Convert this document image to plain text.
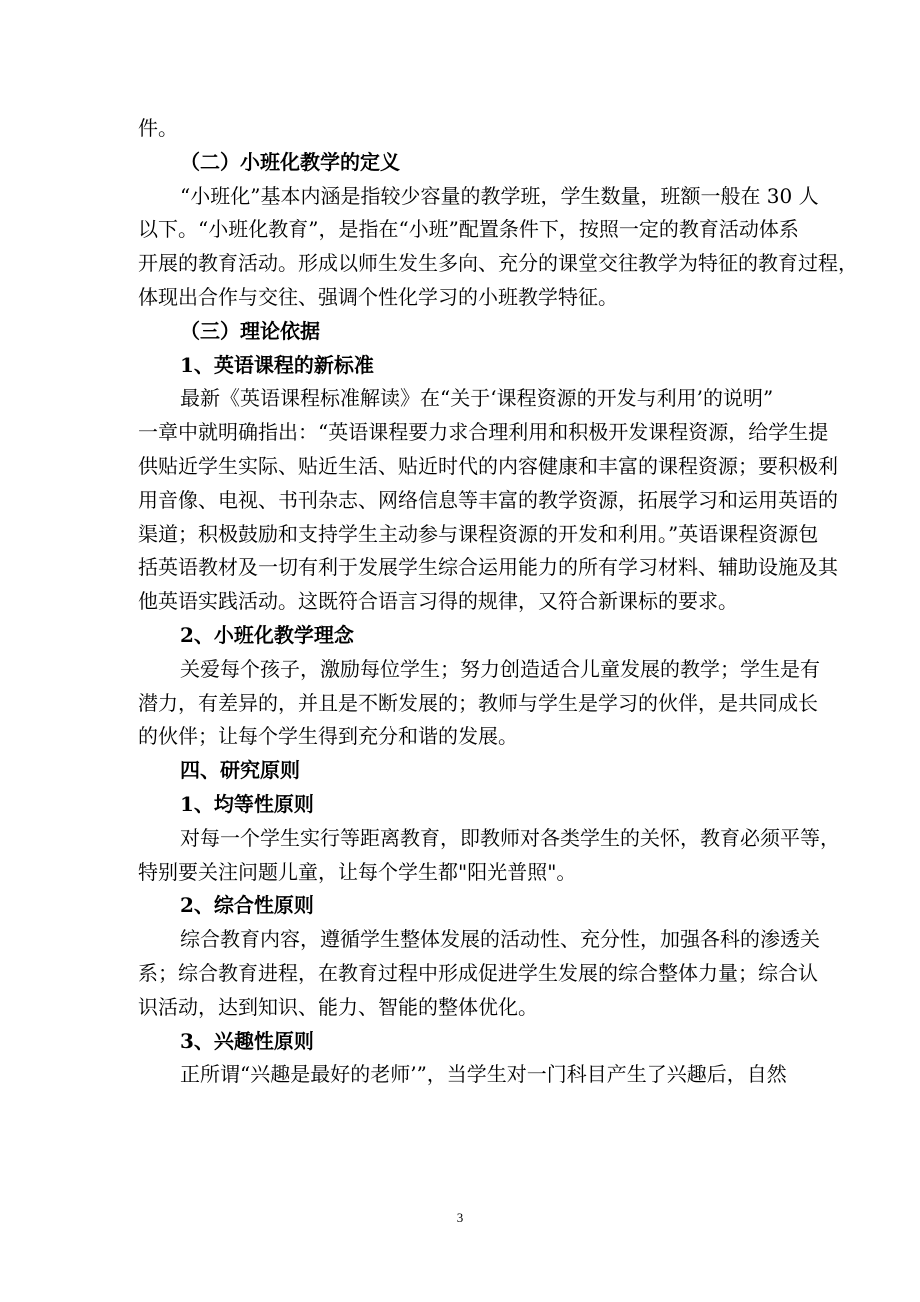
件。

（二）小班化教学的定义

“小班化”基本内涵是指较少容量的教学班，学生数量，班额一般在 30 人

以下。“小班化教育”，是指在“小班”配置条件下，按照一定的教育活动体系

开展的教育活动。形成以师生发生多向、充分的课堂交往教学为特征的教育过程，

体现出合作与交往、强调个性化学习的小班教学特征。

（三）理论依据

1、英语课程的新标准

最新《英语课程标准解读》在“关于‘课程资源的开发与利用’的说明”

一章中就明确指出：“英语课程要力求合理利用和积极开发课程资源，给学生提

供贴近学生实际、贴近生活、贴近时代的内容健康和丰富的课程资源；要积极利

用音像、电视、书刊杂志、网络信息等丰富的教学资源，拓展学习和运用英语的

渠道；积极鼓励和支持学生主动参与课程资源的开发和利用。”英语课程资源包

括英语教材及一切有利于发展学生综合运用能力的所有学习材料、辅助设施及其

他英语实践活动。这既符合语言习得的规律，又符合新课标的要求。

2、小班化教学理念

关爱每个孩子，激励每位学生；努力创造适合儿童发展的教学；学生是有

潜力，有差异的，并且是不断发展的；教师与学生是学习的伙伴，是共同成长

的伙伴；让每个学生得到充分和谐的发展。

四、研究原则

1、均等性原则

对每一个学生实行等距离教育，即教师对各类学生的关怀，教育必须平等，

特别要关注问题儿童，让每个学生都"阳光普照"。

2、综合性原则

综合教育内容，遵循学生整体发展的活动性、充分性，加强各科的渗透关

系；综合教育进程，在教育过程中形成促进学生发展的综合整体力量；综合认

识活动，达到知识、能力、智能的整体优化。

3、兴趣性原则

正所谓“兴趣是最好的老师’”，当学生对一门科目产生了兴趣后，自然

3
